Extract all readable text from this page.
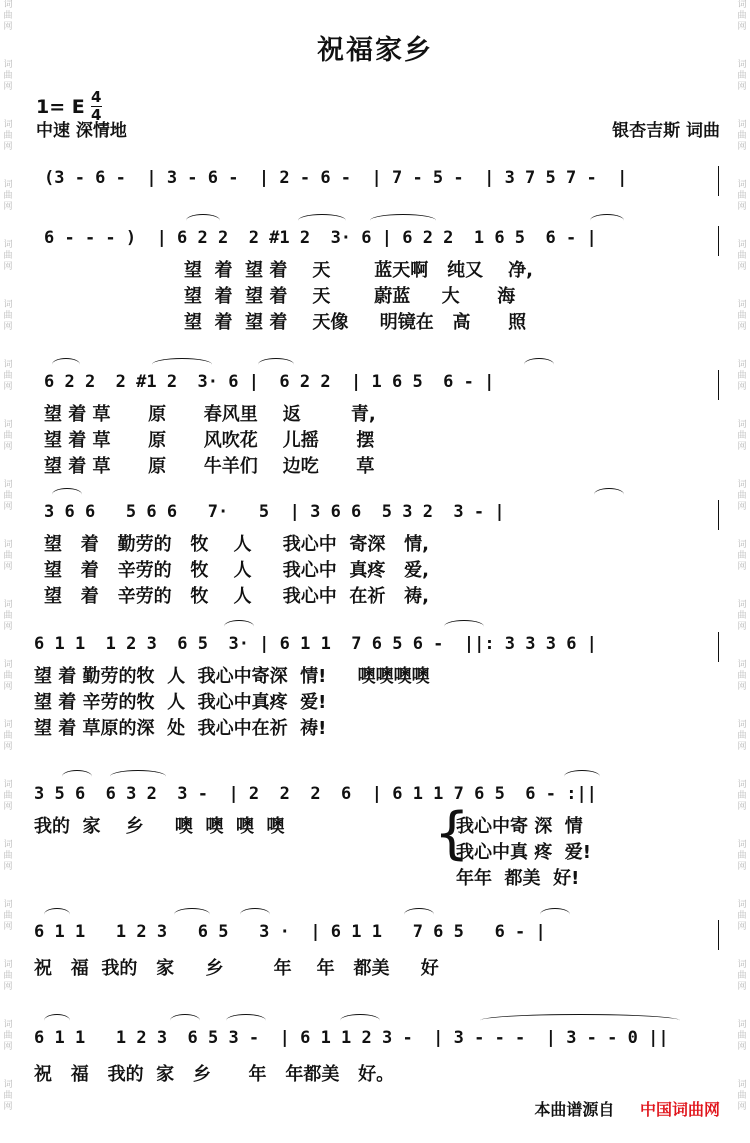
词
曲
网
词
曲
网
词
曲
网
词
曲
网
词
曲
网
词
曲
网
词
曲
网
词
曲
网
词
曲
网
词
曲
网
词
曲
网
词
曲
网
词
曲
网
词
曲
网
词
曲
网
词
曲
网
词
曲
网
词
曲
网
词
曲
网
词
曲
网
词
曲
网
词
曲
网
词
曲
网
词
曲
网
词
曲
网
词
曲
网
词
曲
网
词
曲
网
词
曲
网
词
曲
网
词
曲
网
词
曲
网
词
曲
网
词
曲
网
词
曲
网
词
曲
网
词
曲
网
词
曲
网
祝福家乡
1= E $\frac{4}{4}$
中速 深情地	银杏吉斯 词曲
(3 - 6 -  | 3 - 6 -  | 2 - 6 -  | 7 - 5 -  | 3 7 5 7 -  |
6 - - - )  | 6 2 2  2 #1 2  3· 6 | 6 2 2  1 6 5  6 - |
望  着  望 着    天       蓝天啊   纯又    净,
望  着  望 着    天       蔚蓝     大      海
望  着  望 着    天像     明镜在   高      照
6 2 2  2 #1 2  3· 6 |  6 2 2  | 1 6 5  6 - |
望 着 草      原      春风里    返        青,
望 着 草      原      风吹花    儿摇      摆
望 着 草      原      牛羊们    边吃      草
3 6 6   5 6 6   7·   5  | 3 6 6  5 3 2  3 - |
望   着   勤劳的   牧    人     我心中  寄深   情,
望   着   辛劳的   牧    人     我心中  真疼   爱,
望   着   辛劳的   牧    人     我心中  在祈   祷,
6 1 1  1 2 3  6 5  3· | 6 1 1  7 6 5 6 -  ||: 3 3 3 6 |
望 着 勤劳的牧  人  我心中寄深  情!     噢噢噢噢
望 着 辛劳的牧  人  我心中真疼  爱!
望 着 草原的深  处  我心中在祈  祷!
3 5 6  6 3 2  3 -  | 2  2  2  6  | 6 1 1 7 6 5  6 - :||
我的  家    乡     噢  噢  噢  噢	{
我心中寄 深  情
我心中真 疼  爱!
年年  都美  好!
6 1 1   1 2 3   6 5   3 ·  | 6 1 1   7 6 5   6 - |
祝   福  我的   家     乡        年    年   都美     好
6 1 1   1 2 3  6 5 3 -  | 6 1 1 2 3 -  | 3 - - -  | 3 - - 0 ||
祝   福   我的  家   乡      年   年都美   好。
本曲谱源自 中国词曲网
